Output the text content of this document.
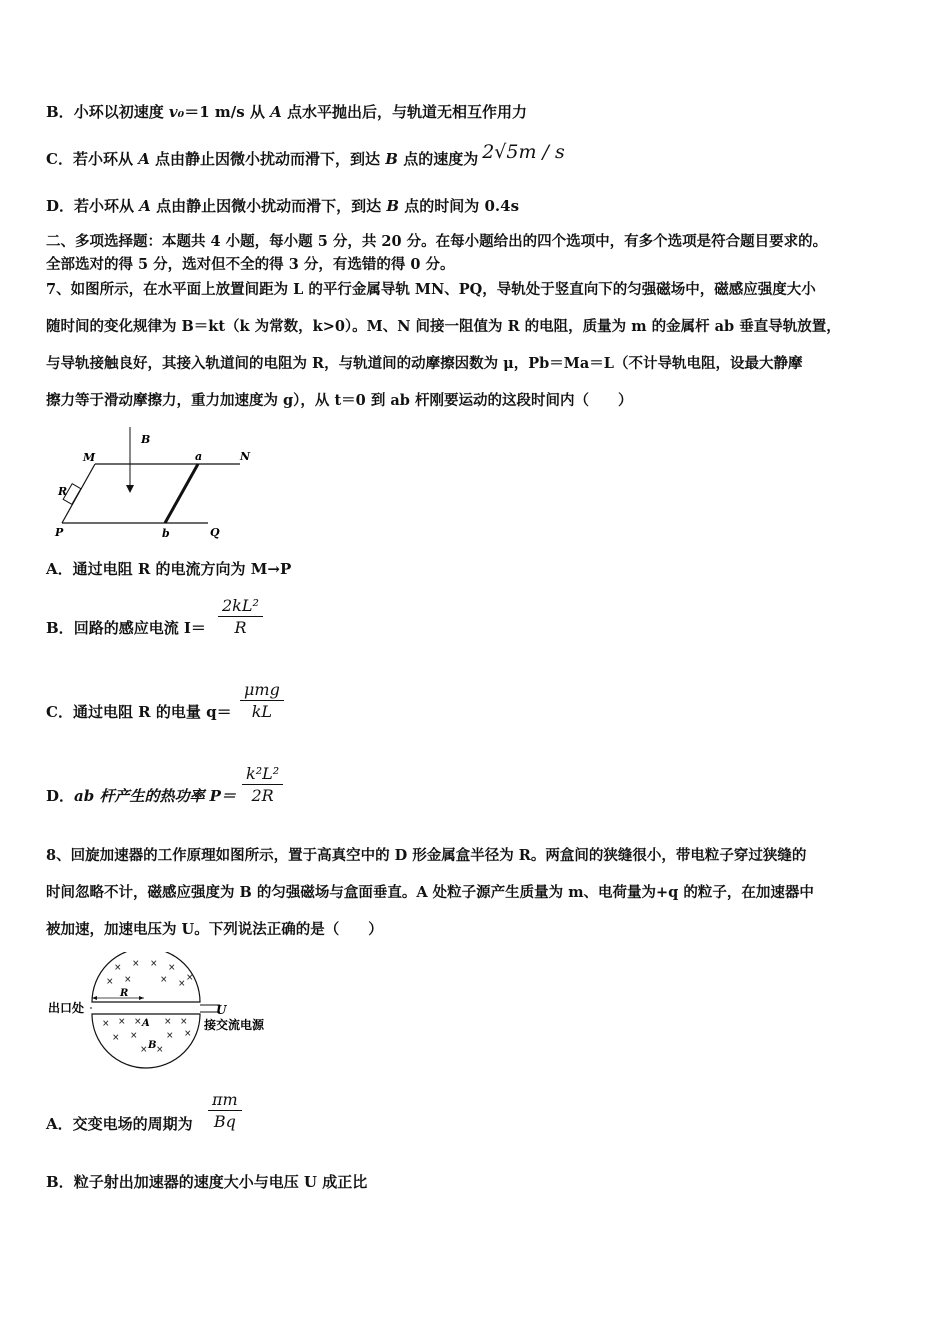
B．小环以初速度 v₀＝1 m/s 从 A 点水平抛出后，与轨道无相互作用力
C．若小环从 A 点由静止因微小扰动而滑下，到达 B 点的速度为 2√5m / s
D．若小环从 A 点由静止因微小扰动而滑下，到达 B 点的时间为 0.4s
二、多项选择题：本题共 4 小题，每小题 5 分，共 20 分。在每小题给出的四个选项中，有多个选项是符合题目要求的。
全部选对的得 5 分，选对但不全的得 3 分，有选错的得 0 分。
7、如图所示，在水平面上放置间距为 L 的平行金属导轨 MN、PQ，导轨处于竖直向下的匀强磁场中，磁感应强度大小
随时间的变化规律为 B＝kt（k 为常数，k>0）。M、N 间接一阻值为 R 的电阻，质量为 m 的金属杆 ab 垂直导轨放置，
与导轨接触良好，其接入轨道间的电阻为 R，与轨道间的动摩擦因数为 μ，Pb＝Ma＝L（不计导轨电阻，设最大静摩
擦力等于滑动摩擦力，重力加速度为 g），从 t＝0 到 ab 杆刚要运动的这段时间内（　　）
B
M	a	N
R
P	b	Q
A．通过电阻 R 的电流方向为 M→P
B．回路的感应电流 I＝
2kL²
R
C．通过电阻 R 的电量 q＝
μmg
kL
D．ab 杆产生的热功率 P＝
k²L²
2R
8、回旋加速器的工作原理如图所示，置于高真空中的 D 形金属盒半径为 R。两盒间的狭缝很小，带电粒子穿过狭缝的
时间忽略不计，磁感应强度为 B 的匀强磁场与盒面垂直。A 处粒子源产生质量为 m、电荷量为+q 的粒子，在加速器中
被加速，加速电压为 U。下列说法正确的是（　　）
× × × ×
×
× ×	× ×
× × × × ×
× ×	× ×
× ×
出口处
R
A
B
U
接交流电源
A．交变电场的周期为
πm
Bq
B．粒子射出加速器的速度大小与电压 U 成正比
